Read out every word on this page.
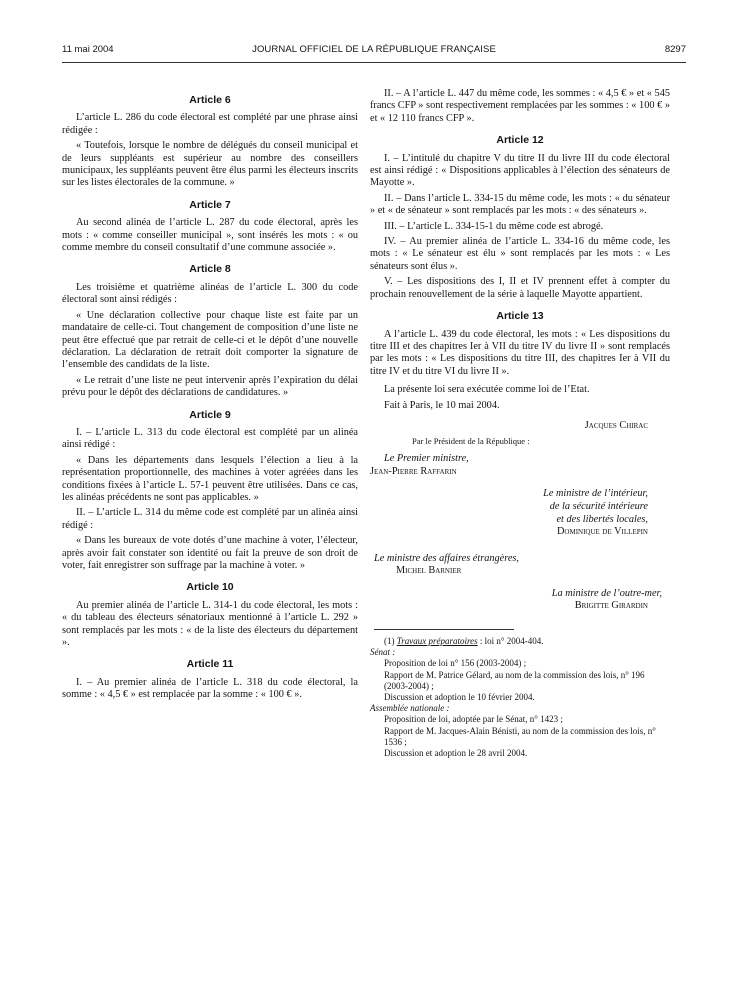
11 mai 2004	JOURNAL OFFICIEL DE LA RÉPUBLIQUE FRANÇAISE	8297
Article 6

L’article L. 286 du code électoral est complété par une phrase ainsi rédigée :

« Toutefois, lorsque le nombre de délégués du conseil municipal et de leurs suppléants est supérieur au nombre des conseillers municipaux, les suppléants peuvent être élus parmi les électeurs inscrits sur les listes électorales de la commune. »

Article 7

Au second alinéa de l’article L. 287 du code électoral, après les mots : « comme conseiller municipal », sont insérés les mots : « ou comme membre du conseil consultatif d’une commune associée ».

Article 8

Les troisième et quatrième alinéas de l’article L. 300 du code électoral sont ainsi rédigés :

« Une déclaration collective pour chaque liste est faite par un mandataire de celle-ci. Tout changement de composition d’une liste ne peut être effectué que par retrait de celle-ci et le dépôt d’une nouvelle déclaration. La déclaration de retrait doit comporter la signature de l’ensemble des candidats de la liste.

« Le retrait d’une liste ne peut intervenir après l’expiration du délai prévu pour le dépôt des déclarations de candidatures. »

Article 9

I. – L’article L. 313 du code électoral est complété par un alinéa ainsi rédigé :

« Dans les départements dans lesquels l’élection a lieu à la représentation proportionnelle, des machines à voter agréées dans les conditions fixées à l’article L. 57-1 peuvent être utilisées. Dans ce cas, les alinéas précédents ne sont pas applicables. »

II. – L’article L. 314 du même code est complété par un alinéa ainsi rédigé :

« Dans les bureaux de vote dotés d’une machine à voter, l’électeur, après avoir fait constater son identité ou fait la preuve de son droit de voter, fait enregistrer son suffrage par la machine à voter. »

Article 10

Au premier alinéa de l’article L. 314-1 du code électoral, les mots : « du tableau des électeurs sénatoriaux mentionné à l’article L. 292 » sont remplacés par les mots : « de la liste des électeurs du département ».

Article 11

I. – Au premier alinéa de l’article L. 318 du code électoral, la somme : « 4,5 € » est remplacée par la somme : « 100 € ».

II. – A l’article L. 447 du même code, les sommes : « 4,5 € » et « 545 francs CFP » sont respectivement remplacées par les sommes : « 100 € » et « 12 110 francs CFP ».

Article 12

I. – L’intitulé du chapitre V du titre II du livre III du code électoral est ainsi rédigé : « Dispositions applicables à l’élection des sénateurs de Mayotte ».

II. – Dans l’article L. 334-15 du même code, les mots : « du sénateur » et « de sénateur » sont remplacés par les mots : « des sénateurs ».

III. – L’article L. 334-15-1 du même code est abrogé.

IV. – Au premier alinéa de l’article L. 334-16 du même code, les mots : « Le sénateur est élu » sont remplacés par les mots : « Les sénateurs sont élus ».

V. – Les dispositions des I, II et IV prennent effet à compter du prochain renouvellement de la série à laquelle Mayotte appartient.

Article 13

A l’article L. 439 du code électoral, les mots : « Les dispositions du titre III et des chapitres Ier à VII du titre IV du livre II » sont remplacés par les mots : « Les dispositions du titre III, des chapitres Ier à VII du titre IV et du titre VI du livre II ».

La présente loi sera exécutée comme loi de l’Etat.

Fait à Paris, le 10 mai 2004.

Jacques Chirac
Par le Président de la République :
Le Premier ministre,
Jean-Pierre Raffarin
Le ministre de l’intérieur,
de la sécurité intérieure
et des libertés locales,
Dominique de Villepin
Le ministre des affaires étrangères,
Michel Barnier
La ministre de l’outre-mer,
Brigitte Girardin
(1) Travaux préparatoires : loi n° 2004-404.
Sénat :
Proposition de loi n° 156 (2003-2004) ;
Rapport de M. Patrice Gélard, au nom de la commission des lois, n° 196 (2003-2004) ;
Discussion et adoption le 10 février 2004.
Assemblée nationale :
Proposition de loi, adoptée par le Sénat, n° 1423 ;
Rapport de M. Jacques-Alain Bénisti, au nom de la commission des lois, n° 1536 ;
Discussion et adoption le 28 avril 2004.
